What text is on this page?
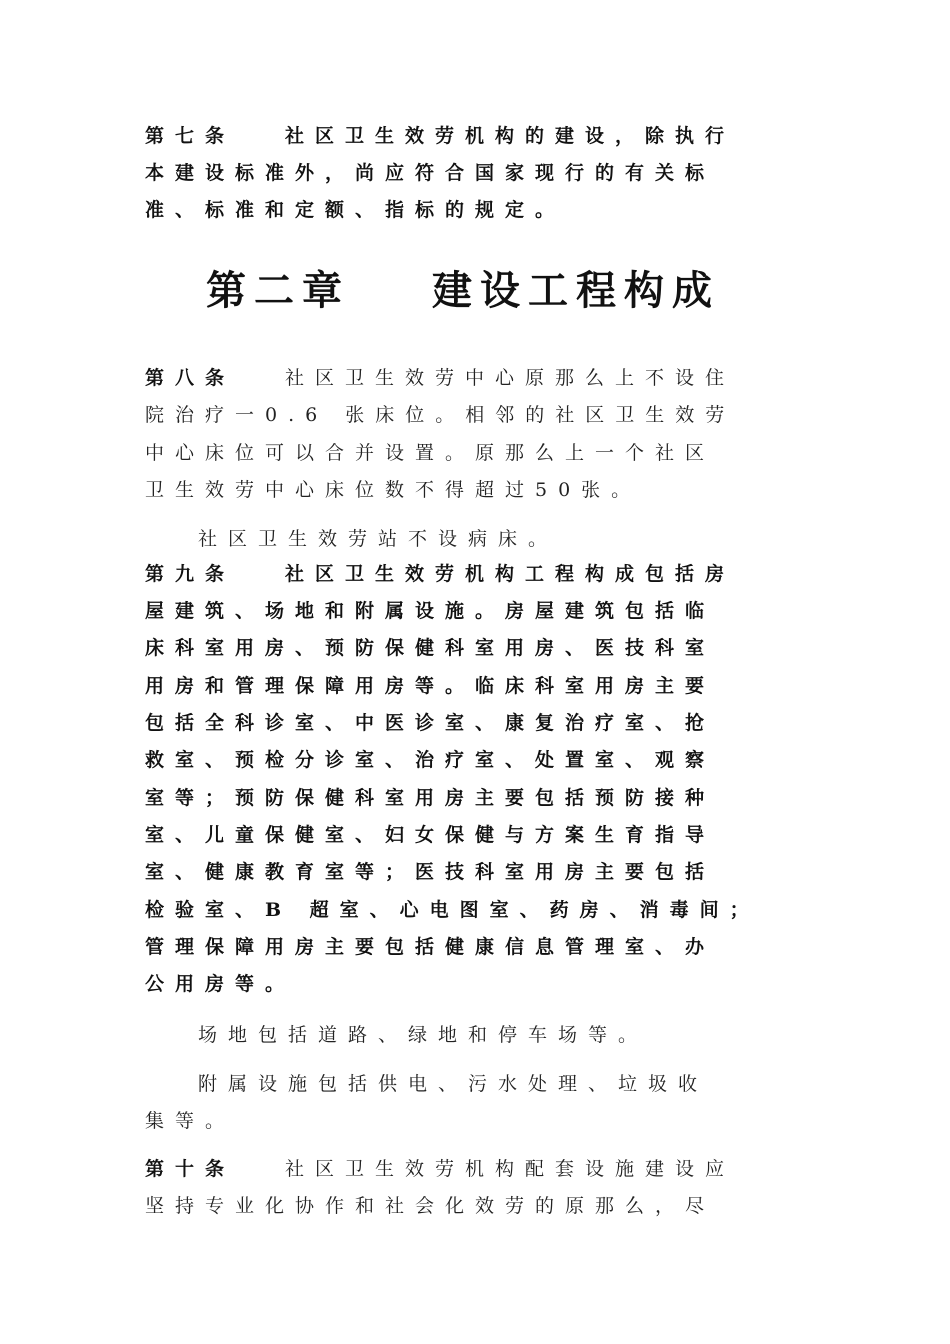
第七条	社区卫生效劳机构的建设，除执行
本建设标准外，尚应符合国家现行的有关标
准、标准和定额、指标的规定。
第二章 建设工程构成
第八条	社区卫生效劳中心原那么上不设住
院治疗一0.6 张床位。相邻的社区卫生效劳
中心床位可以合并设置。原那么上一个社区
卫生效劳中心床位数不得超过50张。
社区卫生效劳站不设病床。
第九条	社区卫生效劳机构工程构成包括房
屋建筑、场地和附属设施。房屋建筑包括临
床科室用房、预防保健科室用房、医技科室
用房和管理保障用房等。临床科室用房主要
包括全科诊室、中医诊室、康复治疗室、抢
救室、预检分诊室、治疗室、处置室、观察
室等；预防保健科室用房主要包括预防接种
室、儿童保健室、妇女保健与方案生育指导
室、健康教育室等；医技科室用房主要包括
检验室、B 超室、心电图室、药房、消毒间；
管理保障用房主要包括健康信息管理室、办
公用房等。
场地包括道路、绿地和停车场等。
附属设施包括供电、污水处理、垃圾收
集等。
第十条	社区卫生效劳机构配套设施建设应
坚持专业化协作和社会化效劳的原那么，尽
